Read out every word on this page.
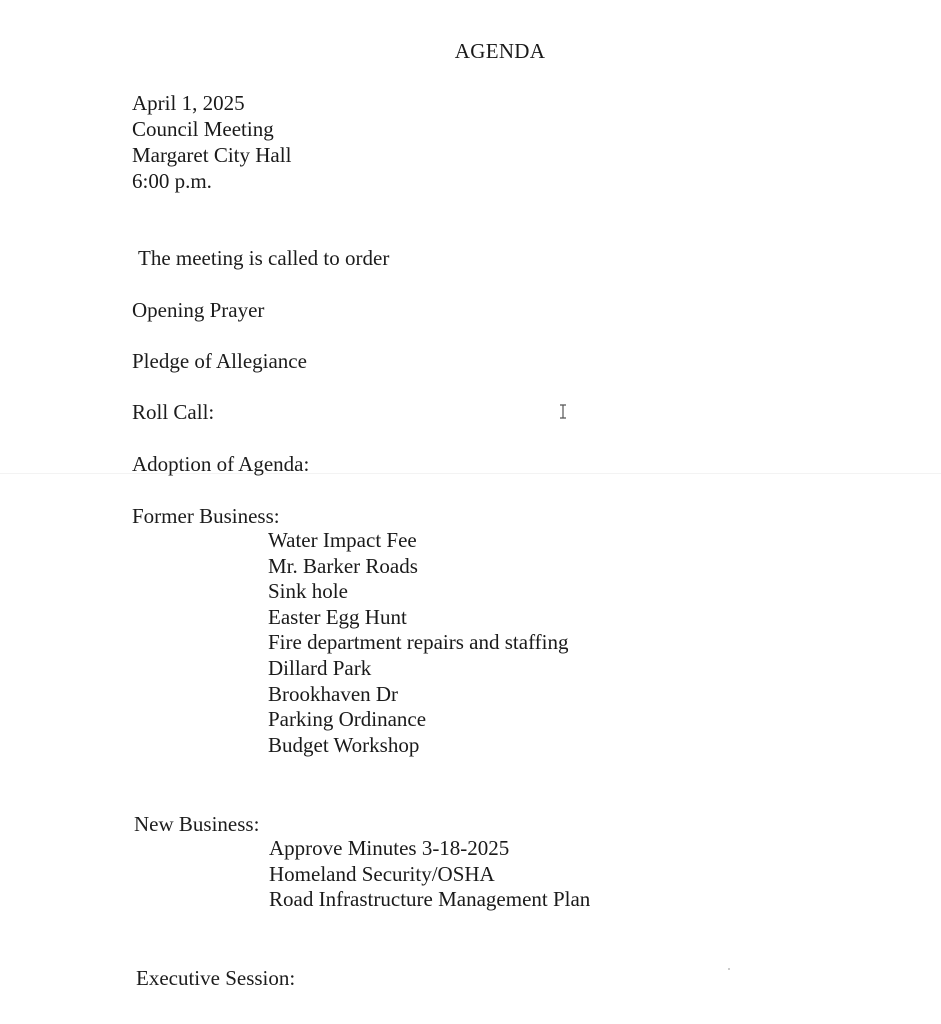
AGENDA
April 1, 2025
Council Meeting
Margaret City Hall
6:00 p.m.
The meeting is called to order
Opening Prayer
Pledge of Allegiance
Roll Call:
Adoption of Agenda:
Former Business:
Water Impact Fee
Mr. Barker Roads
Sink hole
Easter Egg Hunt
Fire department repairs and staffing
Dillard Park
Brookhaven Dr
Parking Ordinance
Budget Workshop
New Business:
Approve Minutes 3-18-2025
Homeland Security/OSHA
Road Infrastructure Management Plan
Executive Session:
